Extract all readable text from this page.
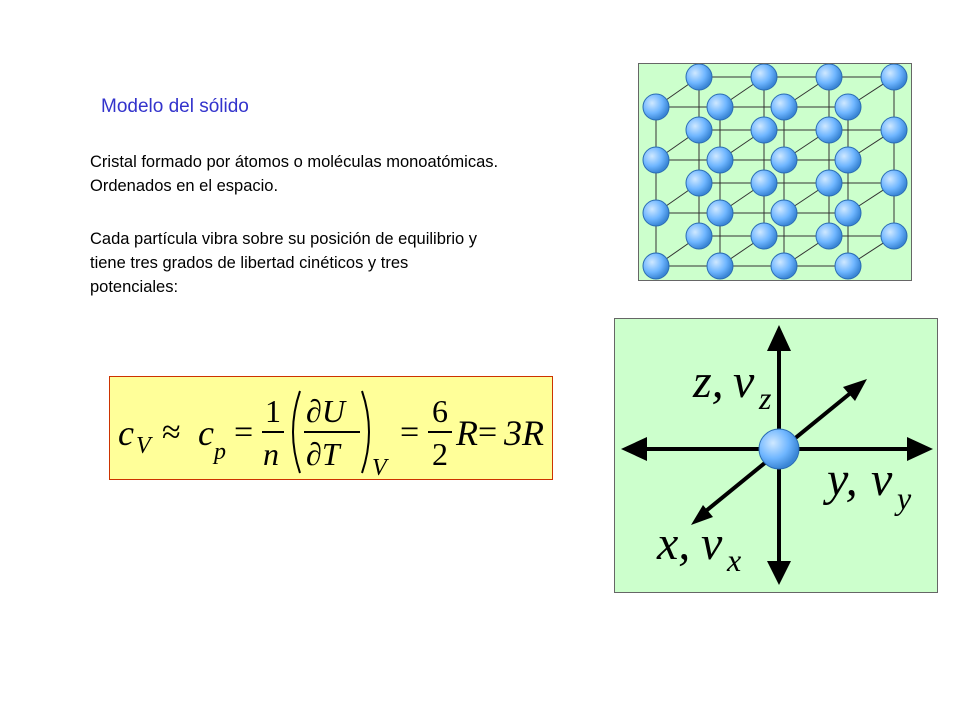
Modelo del sólido
Cristal formado por átomos o moléculas monoatómicas.
Ordenados en el espacio.
Cada partícula vibra sobre su posición de equilibrio y
tiene tres grados de libertad cinéticos y tres
potenciales:
c V ≈ c p
=
1
n
∂U
∂T V
=
6
2
R = 3R
z, v z
y, v y
x, v x
